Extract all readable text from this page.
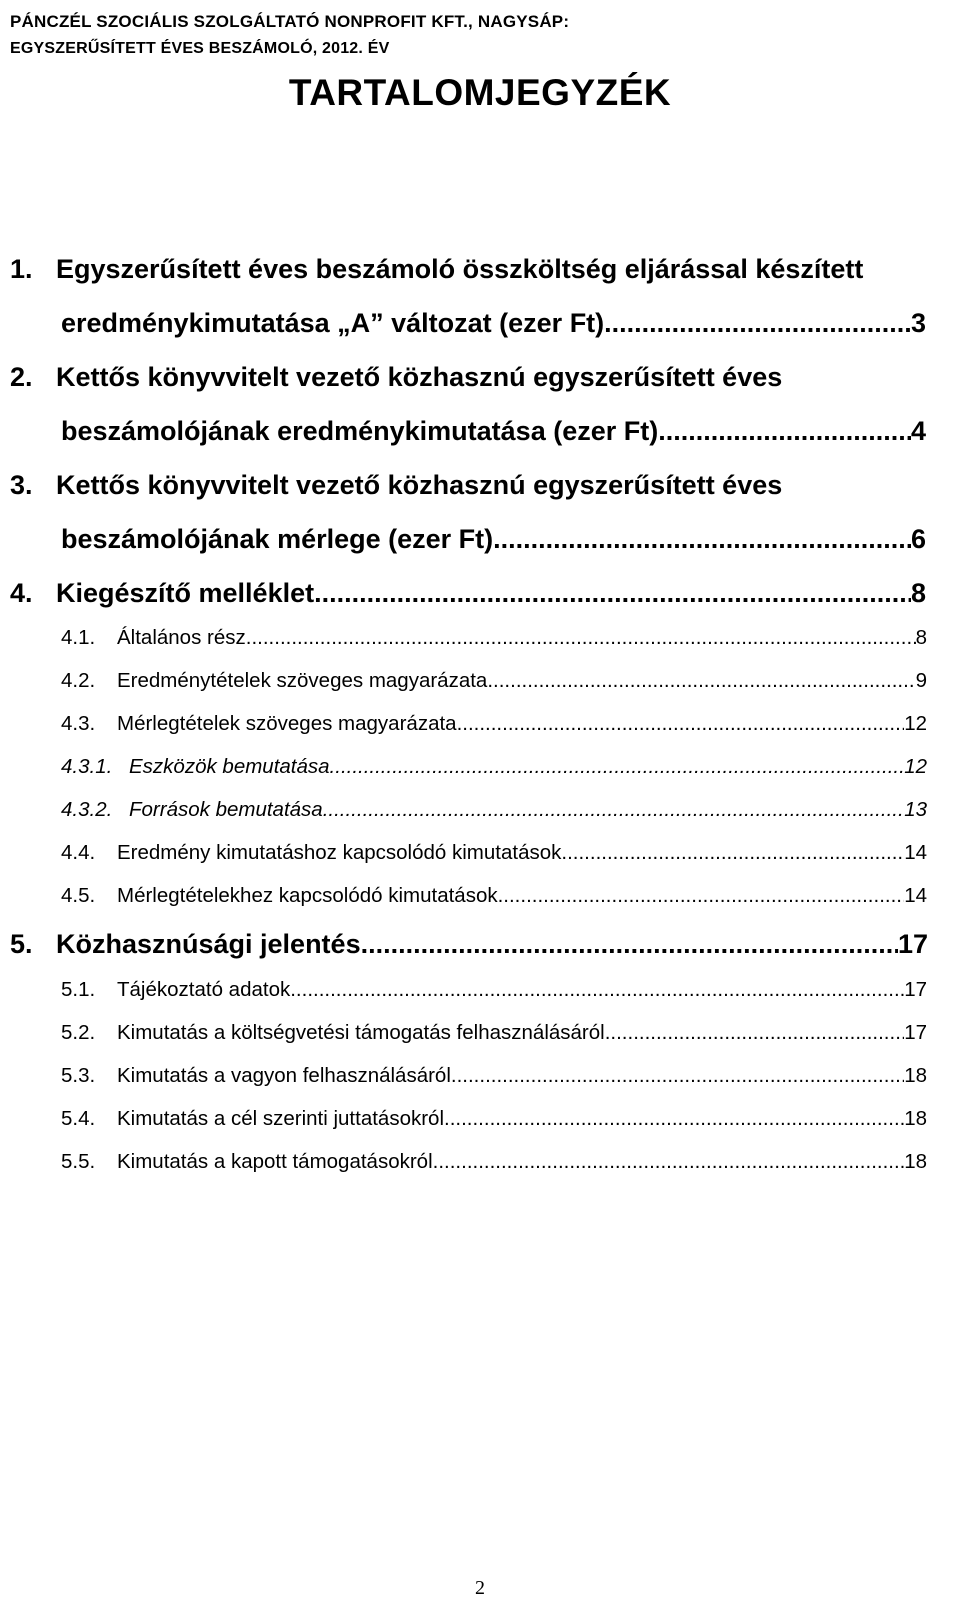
PÁNCZÉL SZOCIÁLIS SZOLGÁLTATÓ NONPROFIT KFT., NAGYSÁP:
EGYSZERŰSÍTETT ÉVES BESZÁMOLÓ, 2012. ÉV
TARTALOMJEGYZÉK
1. Egyszerűsített éves beszámoló összköltség eljárással készített
eredménykimutatása „A” változat (ezer Ft) .....	3
2. Kettős könyvvitelt vezető közhasznú egyszerűsített éves
beszámolójának eredménykimutatása (ezer Ft) .....	4
3. Kettős könyvvitelt vezető közhasznú egyszerűsített éves
beszámolójának mérlege (ezer Ft) .....	6
4. Kiegészítő melléklet .....	8
4.1.	Általános rész .....	8
4.2.	Eredménytételek szöveges magyarázata .....	9
4.3.	Mérlegtételek szöveges magyarázata .....	12
4.3.1. Eszközök bemutatása .....	12
4.3.2. Források bemutatása .....	13
4.4.	Eredmény kimutatáshoz kapcsolódó kimutatások .....	14
4.5.	Mérlegtételekhez kapcsolódó kimutatások .....	14
5. Közhasznúsági jelentés .....	17
5.1.	Tájékoztató adatok .....	17
5.2.	Kimutatás a költségvetési támogatás felhasználásáról .....	17
5.3.	Kimutatás a vagyon felhasználásáról .....	18
5.4.	Kimutatás a cél szerinti juttatásokról .....	18
5.5.	Kimutatás a kapott támogatásokról .....	18
2
